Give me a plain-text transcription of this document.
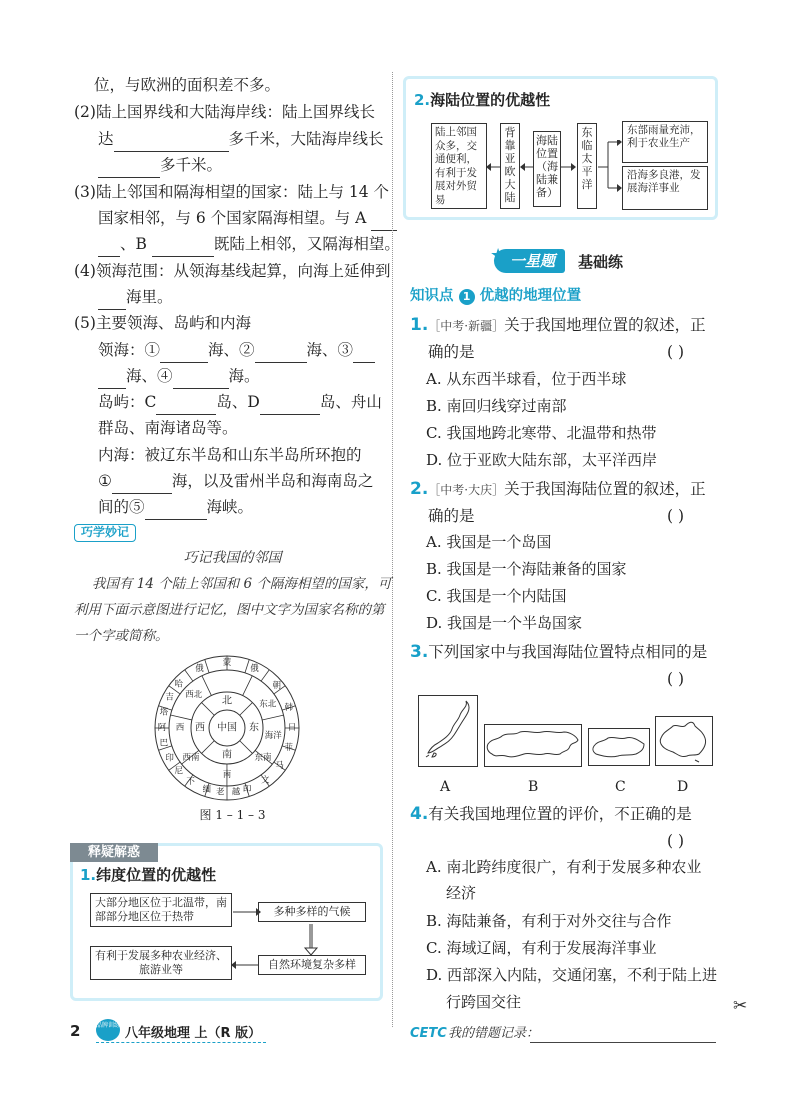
位，与欧洲的面积差不多。
(2)陆上国界线和大陆海岸线：陆上国界线长
达	多千米，大陆海岸线长
多千米。
(3)陆上邻国和隔海相望的国家：陆上与 14 个
国家相邻，与 6 个国家隔海相望。与 A
、B	既陆上相邻，又隔海相望。
(4)领海范围：从领海基线起算，向海上延伸到
海里。
(5)主要领海、岛屿和内海
领海：①	海、②	海、③
海、④	海。
岛屿：C	岛、D	岛、舟山
群岛、南海诸岛等。
内海：被辽东半岛和山东半岛所环抱的
①	海，以及雷州半岛和海南岛之
间的⑤	海峡。
巧学妙记
巧记我国的邻国
我国有 14 个陆上邻国和 6 个隔海相望的国家，可
利用下面示意图进行记忆，图中文字为国家名称的第
一个字或简称。
中国
北
东
南
西
东北
海洋
东南
南
西南
西
西北
俄
蒙
俄
朝
韩
日
菲
马
文
印
哈
吉
塔
阿
巴
印
尼
不
缅 老 越
图 1 – 1 – 3
释疑解惑
1.纬度位置的优越性
大部分地区位于北温带，南部部分地区位于热带	多种多样的气候
有利于发展多种农业经济、旅游业等	自然环境复杂多样
2	品牌训练
八年级地理 上（R 版）
2.海陆位置的优越性
陆上邻国众多，交通便利，有利于发展对外贸易
背靠亚欧大陆
海陆位置（海陆兼备）
东临太平洋
东部雨量充沛，利于农业生产
沿海多良港，发展海洋事业
一星题
★	基础练
知识点 1 优越的地理位置
1.［中考·新疆］关于我国地理位置的叙述，正
确的是	( )
A. 从东西半球看，位于西半球
B. 南回归线穿过南部
C. 我国地跨北寒带、北温带和热带
D. 位于亚欧大陆东部，太平洋西岸
2.［中考·大庆］关于我国海陆位置的叙述，正
确的是	( )
A. 我国是一个岛国
B. 我国是一个海陆兼备的国家
C. 我国是一个内陆国
D. 我国是一个半岛国家
3.下列国家中与我国海陆位置特点相同的是
( )
A	B	C	D
4.有关我国地理位置的评价，不正确的是
( )
A. 南北跨纬度很广，有利于发展多种农业
经济
B. 海陆兼备，有利于对外交往与合作
C. 海域辽阔，有利于发展海洋事业
D. 西部深入内陆，交通闭塞，不利于陆上进
行跨国交往	✂
CETC 我的错题记录：
